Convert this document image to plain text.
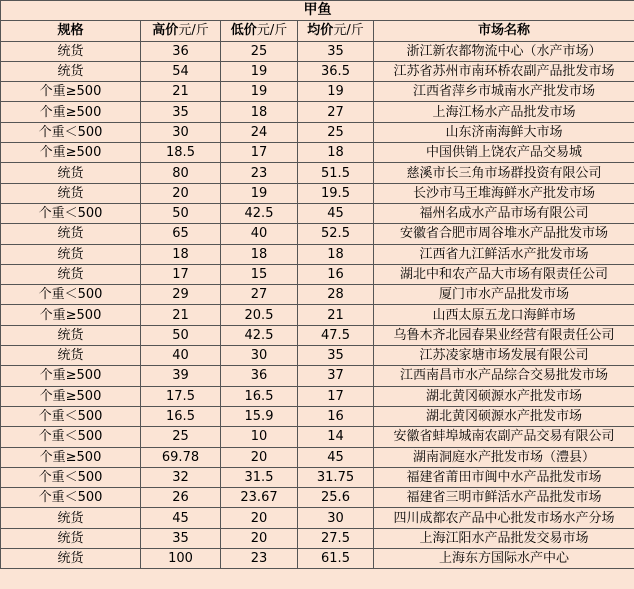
甲鱼				
规格	高价元/斤	低价元/斤	均价元/斤	市场名称
统货	36	25	35	浙江新农都物流中心（水产市场）
统货	54	19	36.5	江苏省苏州市南环桥农副产品批发市场
个重≥500	21	19	19	江西省萍乡市城南水产批发市场
个重≥500	35	18	27	上海江杨水产品批发市场
个重＜500	30	24	25	山东济南海鲜大市场
个重≥500	18.5	17	18	中国供销上饶农产品交易城
统货	80	23	51.5	慈溪市长三角市场群投资有限公司
统货	20	19	19.5	长沙市马王堆海鲜水产批发市场
个重＜500	50	42.5	45	福州名成水产品市场有限公司
统货	65	40	52.5	安徽省合肥市周谷堆水产品批发市场
统货	18	18	18	江西省九江鲜活水产批发市场
统货	17	15	16	湖北中和农产品大市场有限责任公司
个重＜500	29	27	28	厦门市水产品批发市场
个重≥500	21	20.5	21	山西太原五龙口海鲜市场
统货	50	42.5	47.5	乌鲁木齐北园春果业经营有限责任公司
统货	40	30	35	江苏凌家塘市场发展有限公司
个重≥500	39	36	37	江西南昌市水产品综合交易批发市场
个重≥500	17.5	16.5	17	湖北黄冈硕源水产批发市场
个重＜500	16.5	15.9	16	湖北黄冈硕源水产批发市场
个重＜500	25	10	14	安徽省蚌埠城南农副产品交易有限公司
个重≥500	69.78	20	45	湖南洞庭水产批发市场（澧县）
个重＜500	32	31.5	31.75	福建省莆田市闽中水产品批发市场
个重＜500	26	23.67	25.6	福建省三明市鲜活水产品批发市场
统货	45	20	30	四川成都农产品中心批发市场水产分场
统货	35	20	27.5	上海江阳水产品批发交易市场
统货	100	23	61.5	上海东方国际水产中心
